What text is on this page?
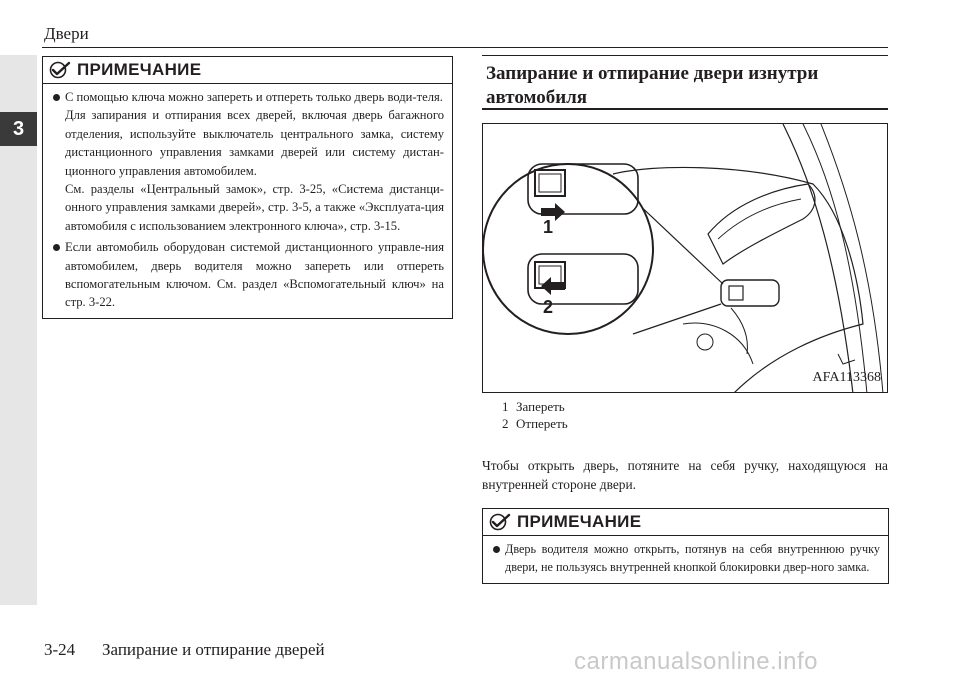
3
Двери
ПРИМЕЧАНИЕ

С помощью ключа можно запереть и отпереть только дверь води-теля.

Для запирания и отпирания всех дверей, включая дверь багажного отделения, используйте выключатель центрального замка, систему дистанционного управления замками дверей или систему дистан-ционного управления автомобилем.

См. разделы «Центральный замок», стр. 3-25, «Система дистанци-онного управления замками дверей», стр. 3-5, а также «Эксплуата-ция автомобиля с использованием электронного ключа», стр. 3-15.

Если автомобиль оборудован системой дистанционного управле-ния автомобилем, дверь водителя можно запереть или отпереть вспомогательным ключом. См. раздел «Вспомогательный ключ» на стр. 3-22.

Запирание и отпирание двери изнутри
автомобиля
1
2
AFA113368
1 Запереть
2 Отпереть
Чтобы открыть дверь, потяните на себя ручку, находящуюся на внутренней стороне двери.
ПРИМЕЧАНИЕ

Дверь водителя можно открыть, потянув на себя внутреннюю ручку двери, не пользуясь внутренней кнопкой блокировки двер-ного замка.

3-24 Запирание и отпирание дверей	carmanualsonline.info
